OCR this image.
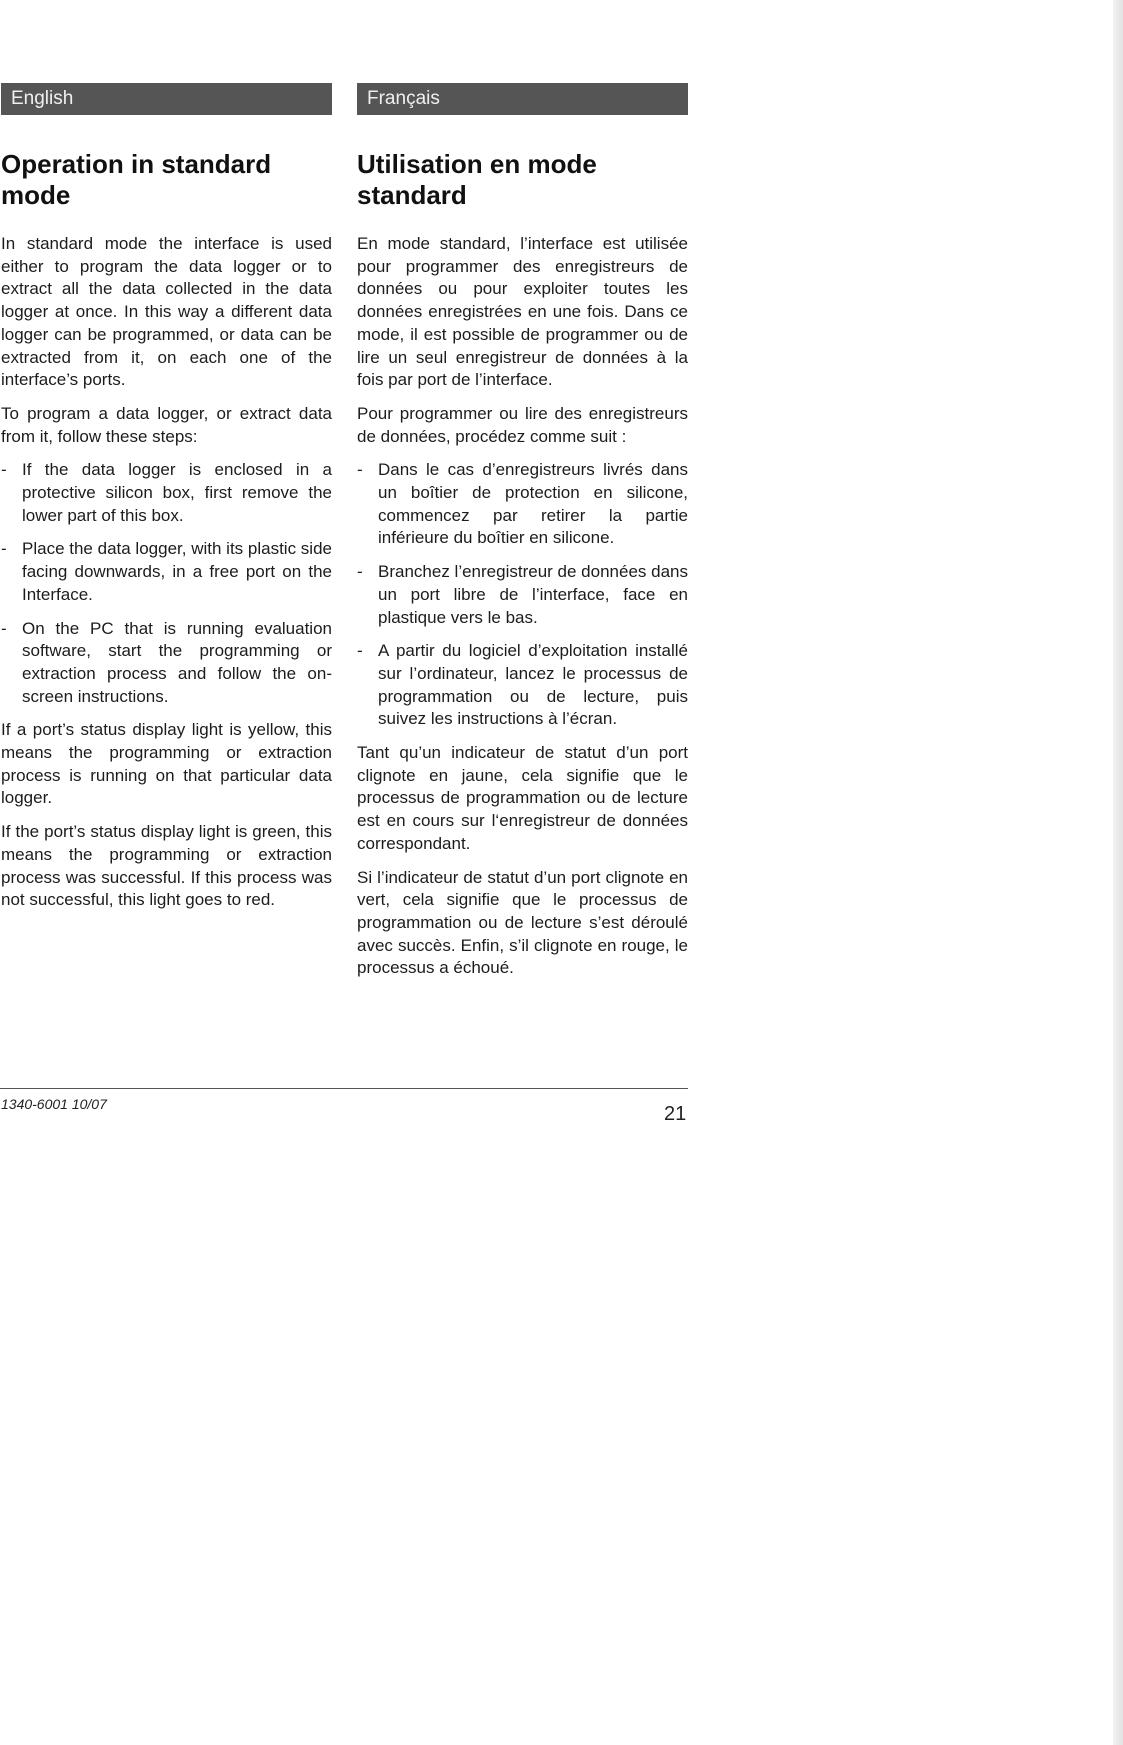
English
Operation in standard mode

In standard mode the interface is used either to program the data logger or to extract all the data collected in the data logger at once. In this way a different data logger can be programmed, or data can be extracted from it, on each one of the interface’s ports.

To program a data logger, or extract data from it, follow these steps:

- If the data logger is enclosed in a protective silicon box, first remove the lower part of this box.
- Place the data logger, with its plastic side facing downwards, in a free port on the Interface.
- On the PC that is running evaluation software, start the programming or extraction process and follow the on-screen instructions.

If a port’s status display light is yellow, this means the programming or extraction process is running on that particular data logger.

If the port’s status display light is green, this means the programming or extraction process was successful. If this process was not successful, this light goes to red.

Français
Utilisation en mode standard

En mode standard, l’interface est utilisée pour programmer des enregistreurs de données ou pour exploiter toutes les données enregistrées en une fois. Dans ce mode, il est possible de programmer ou de lire un seul enregistreur de données à la fois par port de l’interface.

Pour programmer ou lire des enregistreurs de données, procédez comme suit :

- Dans le cas d’enregistreurs livrés dans un boîtier de protection en silicone, commencez par retirer la partie inférieure du boîtier en silicone.
- Branchez l’enregistreur de données dans un port libre de l’interface, face en plastique vers le bas.
- A partir du logiciel d’exploitation installé sur l’ordinateur, lancez le processus de programmation ou de lecture, puis suivez les instructions à l’écran.

Tant qu’un indicateur de statut d’un port clignote en jaune, cela signifie que le processus de programmation ou de lecture est en cours sur l‘enregistreur de données correspondant.

Si l’indicateur de statut d’un port clignote en vert, cela signifie que le processus de programmation ou de lecture s’est déroulé avec succès. Enfin, s’il clignote en rouge, le processus a échoué.

1340-6001 10/07	21
